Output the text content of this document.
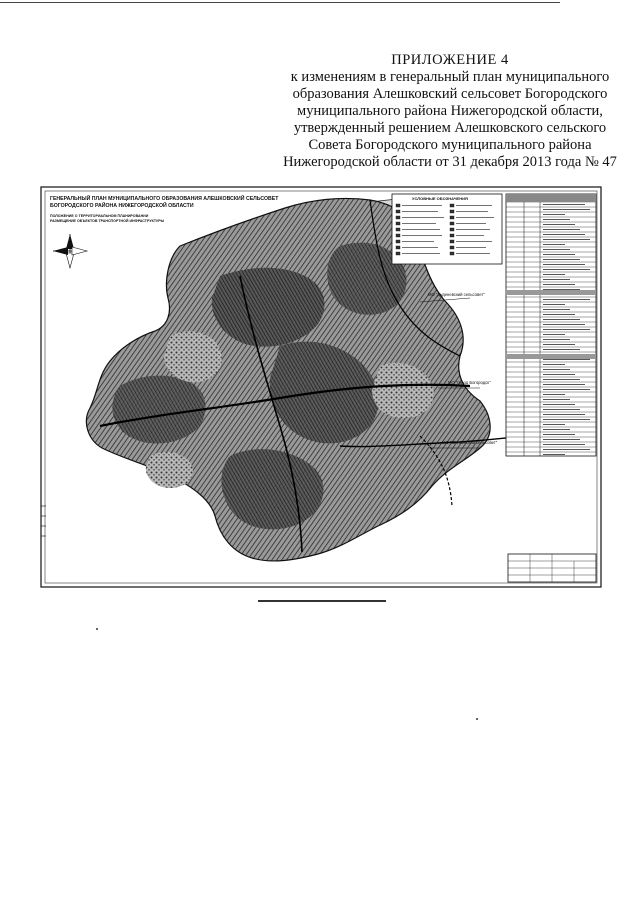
ПРИЛОЖЕНИЕ 4
к изменениям в генеральный план муниципального
образования Алешковский сельсовет Богородского
муниципального района Нижегородской области,
утвержденный решением Алешковского сельского
Совета Богородского муниципального района
Нижегородской области от 31 декабря 2013 года № 47
ГЕНЕРАЛЬНЫЙ ПЛАН МУНИЦИПАЛЬНОГО ОБРАЗОВАНИЯ АЛЕШКОВСКИЙ СЕЛЬСОВЕТ
БОГОРОДСКОГО РАЙОНА НИЖЕГОРОДСКОЙ ОБЛАСТИ
ПОЛОЖЕНИЕ О ТЕРРИТОРИАЛЬНОМ ПЛАНИРОВАНИИ
РАЗМЕЩЕНИЕ ОБЪЕКТОВ ТРАНСПОРТНОЙ ИНФРАСТРУКТУРЫ
МО "Дуденевский сельсовет"
МО "город Богородск"
МО "Шапкинский сельсовет"
УСЛОВНЫЕ ОБОЗНАЧЕНИЯ
